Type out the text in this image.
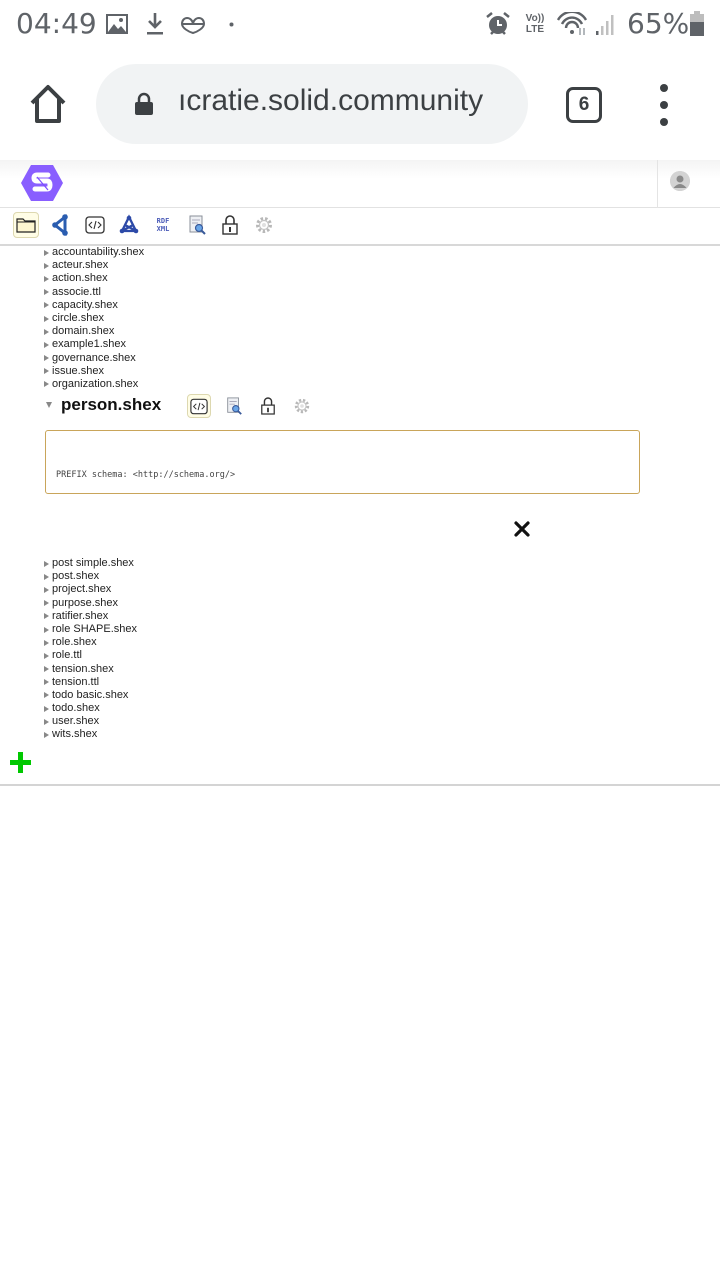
04:49	Vo))
LTE	65%
ıcratie.solid.community	6
RDF
XML
accountability.shex
acteur.shex
action.shex
associe.ttl
capacity.shex
circle.shex
domain.shex
example1.shex
governance.shex
issue.shex
organization.shex
person.shex

PREFIX schema: <http://schema.org/>

post simple.shex
post.shex
project.shex
purpose.shex
ratifier.shex
role SHAPE.shex
role.shex
role.ttl
tension.shex
tension.ttl
todo basic.shex
todo.shex
user.shex
wits.shex
